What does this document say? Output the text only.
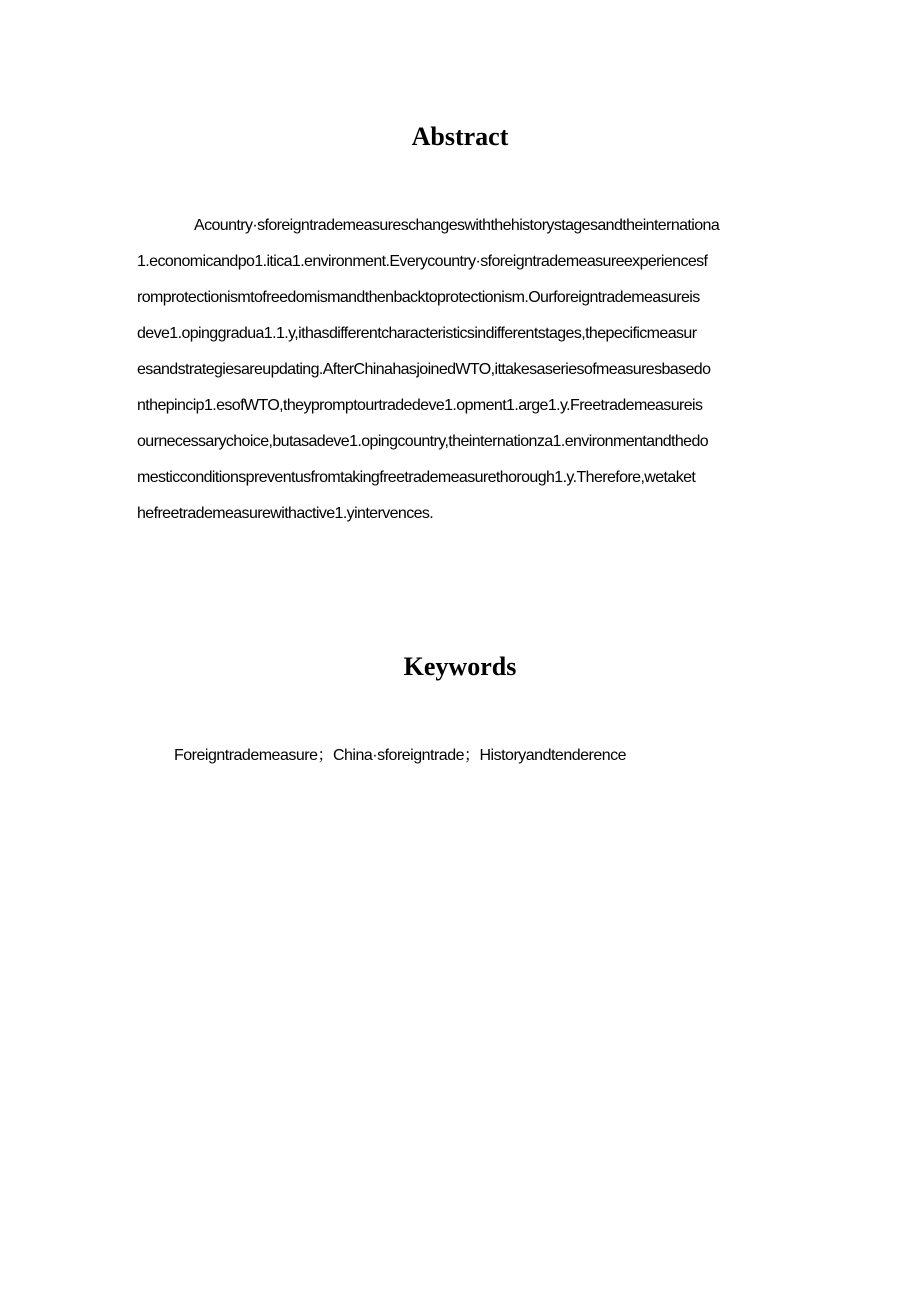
Abstract
Acountry·sforeigntrademeasureschangeswiththehistorystagesandtheinternationa
1.economicandpo1.itica1.environment.Everycountry·sforeigntrademeasureexperiencesf
romprotectionismtofreedomismandthenbacktoprotectionism.Ourforeigntrademeasureis
deve1.opinggradua1.1.y,ithasdifferentcharacteristicsindifferentstages,thepecificmeasur
esandstrategiesareupdating.AfterChinahasjoinedWTO,ittakesaseriesofmeasuresbasedo
nthepincip1.esofWTO,theypromptourtradedeve1.opment1.arge1.y.Freetrademeasureis
ournecessarychoice,butasadeve1.opingcountry,theinternationza1.environmentandthedo
mesticconditionspreventusfromtakingfreetrademeasurethorough1.y.Therefore,wetaket
hefreetrademeasurewithactive1.yintervences.
Keywords
Foreigntrademeasure；China·sforeigntrade；Historyandtenderence
